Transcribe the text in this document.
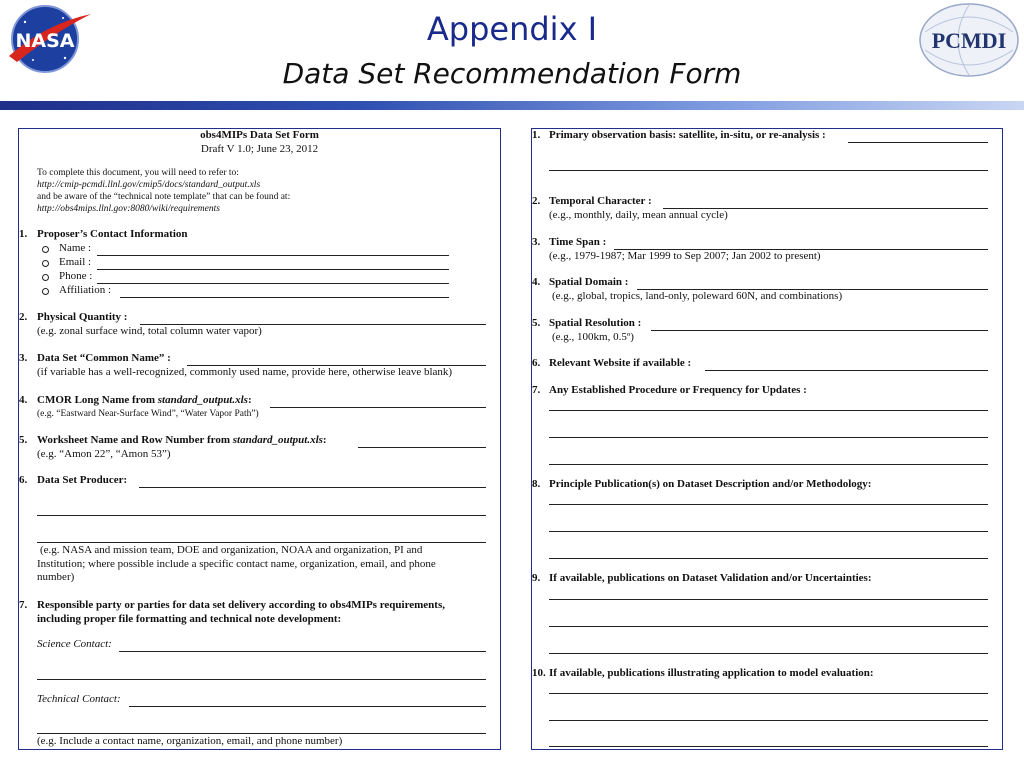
NASA	Appendix I
Data Set Recommendation Form
PCMDI
obs4MIPs Data Set Form
Draft V 1.0; June 23, 2012
To complete this document, you will need to refer to:
http://cmip-pcmdi.llnl.gov/cmip5/docs/standard_output.xls
and be aware of the “technical note template” that can be found at:
http://obs4mips.llnl.gov:8080/wiki/requirements
1. Proposer’s Contact Information
Name :
Email :
Phone :
Affiliation :
2. Physical Quantity :
(e.g. zonal surface wind, total column water vapor)
3. Data Set “Common Name” :
(if variable has a well-recognized, commonly used name, provide here, otherwise leave blank)
4. CMOR Long Name from standard_output.xls:
(e.g. “Eastward Near-Surface Wind”, “Water Vapor Path”)
5. Worksheet Name and Row Number from standard_output.xls:
(e.g. “Amon 22”, “Amon 53”)
6. Data Set Producer:
(e.g. NASA and mission team, DOE and organization, NOAA and organization, PI and
Institution; where possible include a specific contact name, organization, email, and phone
number)
7. Responsible party or parties for data set delivery according to obs4MIPs requirements,
including proper file formatting and technical note development:
Science Contact:
Technical Contact:
(e.g. Include a contact name, organization, email, and phone number)
1. Primary observation basis: satellite, in-situ, or re-analysis :
2. Temporal Character :
(e.g., monthly, daily, mean annual cycle)
3. Time Span :
(e.g., 1979-1987; Mar 1999 to Sep 2007; Jan 2002 to present)
4. Spatial Domain :
(e.g., global, tropics, land-only, poleward 60N, and combinations)
5. Spatial Resolution :
(e.g., 100km, 0.5º)
6. Relevant Website if available :
7. Any Established Procedure or Frequency for Updates :
8. Principle Publication(s) on Dataset Description and/or Methodology:
9. If available, publications on Dataset Validation and/or Uncertainties:
10. If available, publications illustrating application to model evaluation:
